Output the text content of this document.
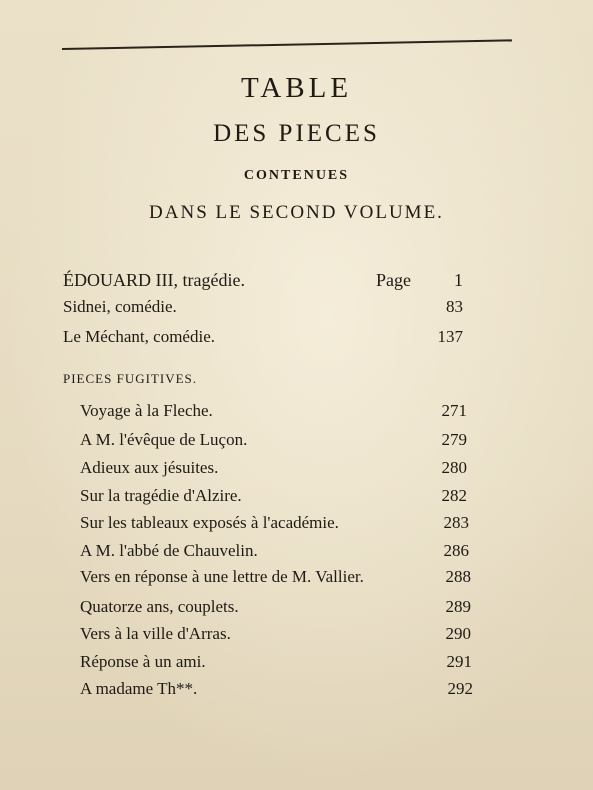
TABLE
DES PIECES
CONTENUES
DANS LE SECOND VOLUME.
ÉDOUARD III, tragédie.	Page 1
Sidnei, comédie.	83
Le Méchant, comédie.	137
PIECES FUGITIVES.
Voyage à la Fleche.	271
A M. l'évêque de Luçon.	279
Adieux aux jésuites.	280
Sur la tragédie d'Alzire.	282
Sur les tableaux exposés à l'académie.	283
A M. l'abbé de Chauvelin.	286
Vers en réponse à une lettre de M. Vallier.	288
Quatorze ans, couplets.	289
Vers à la ville d'Arras.	290
Réponse à un ami.	291
A madame Th**.	292
